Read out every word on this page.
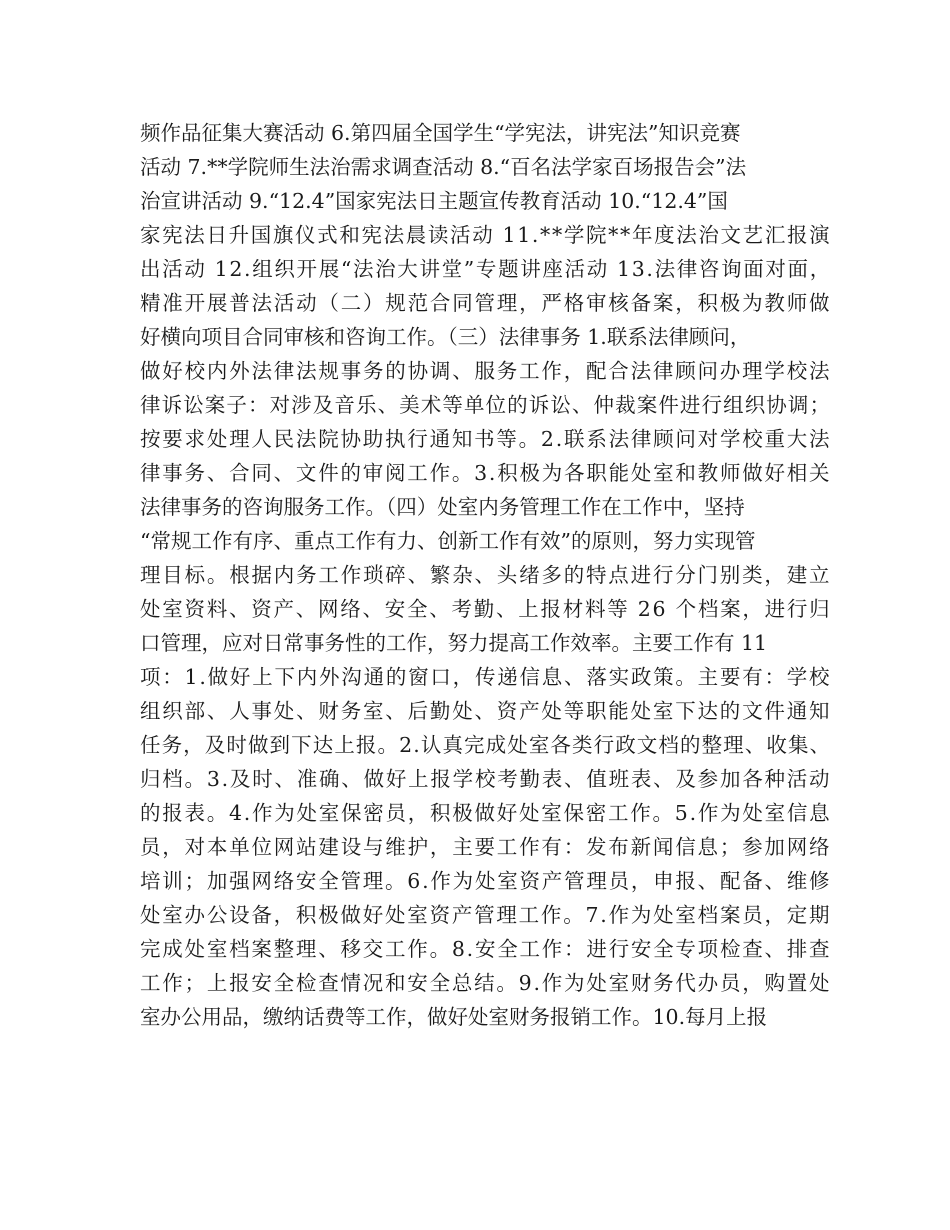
频作品征集大赛活动 6.第四届全国学生“学宪法，讲宪法”知识竞赛
活动 7.**学院师生法治需求调查活动 8.“百名法学家百场报告会”法
治宣讲活动 9.“12.4”国家宪法日主题宣传教育活动 10.“12.4”国
家宪法日升国旗仪式和宪法晨读活动 11.**学院**年度法治文艺汇报演
出活动 12.组织开展“法治大讲堂”专题讲座活动 13.法律咨询面对面，
精准开展普法活动（二）规范合同管理，严格审核备案，积极为教师做
好横向项目合同审核和咨询工作。（三）法律事务 1.联系法律顾问，
做好校内外法律法规事务的协调、服务工作，配合法律顾问办理学校法
律诉讼案子：对涉及音乐、美术等单位的诉讼、仲裁案件进行组织协调；
按要求处理人民法院协助执行通知书等。2.联系法律顾问对学校重大法
律事务、合同、文件的审阅工作。3.积极为各职能处室和教师做好相关
法律事务的咨询服务工作。（四）处室内务管理工作在工作中，坚持
“常规工作有序、重点工作有力、创新工作有效”的原则，努力实现管
理目标。根据内务工作琐碎、繁杂、头绪多的特点进行分门别类，建立
处室资料、资产、网络、安全、考勤、上报材料等 26 个档案，进行归
口管理，应对日常事务性的工作，努力提高工作效率。主要工作有 11
项：1.做好上下内外沟通的窗口，传递信息、落实政策。主要有：学校
组织部、人事处、财务室、后勤处、资产处等职能处室下达的文件通知
任务，及时做到下达上报。2.认真完成处室各类行政文档的整理、收集、
归档。3.及时、准确、做好上报学校考勤表、值班表、及参加各种活动
的报表。4.作为处室保密员，积极做好处室保密工作。5.作为处室信息
员，对本单位网站建设与维护，主要工作有：发布新闻信息；参加网络
培训；加强网络安全管理。6.作为处室资产管理员，申报、配备、维修
处室办公设备，积极做好处室资产管理工作。7.作为处室档案员，定期
完成处室档案整理、移交工作。8.安全工作：进行安全专项检查、排查
工作；上报安全检查情况和安全总结。9.作为处室财务代办员，购置处
室办公用品，缴纳话费等工作，做好处室财务报销工作。10.每月上报
